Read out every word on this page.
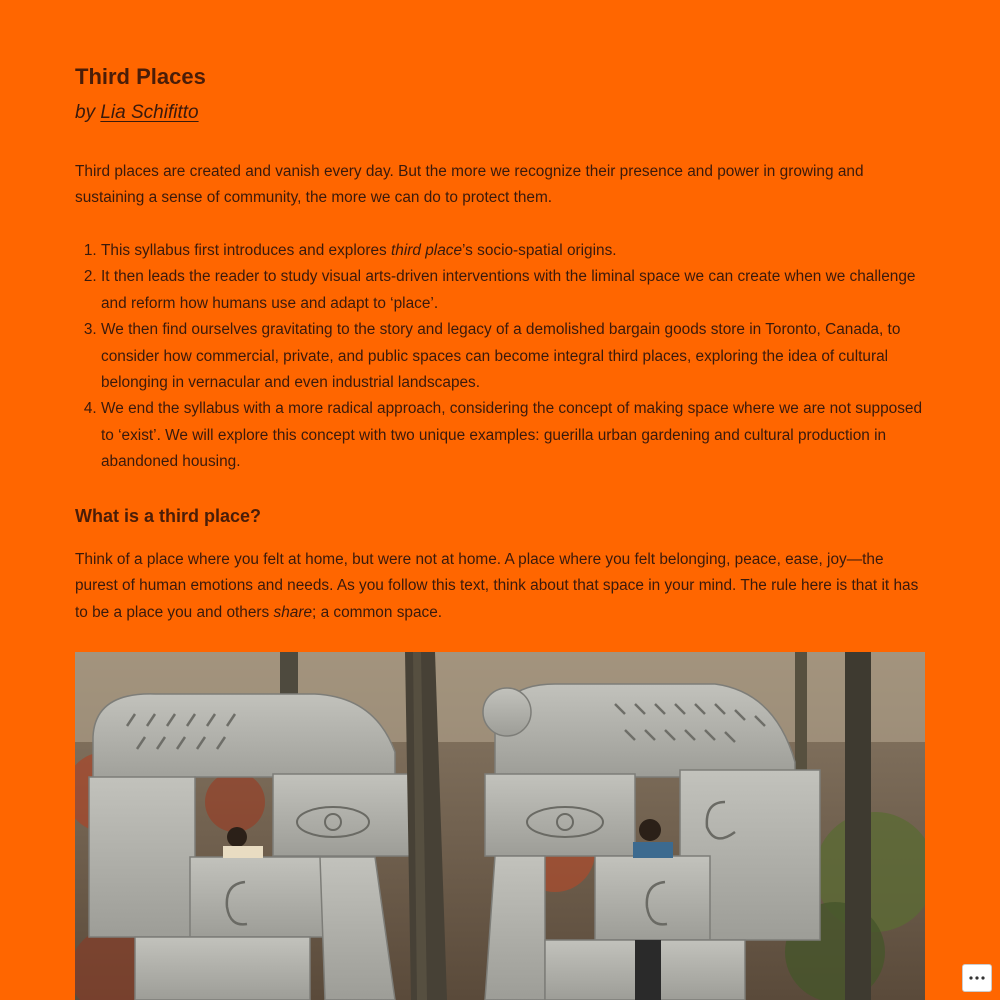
Third Places

by Lia Schifitto

Third places are created and vanish every day. But the more we recognize their presence and power in growing and sustaining a sense of community, the more we can do to protect them.

1. This syllabus first introduces and explores third place’s socio-spatial origins.
2. It then leads the reader to study visual arts-driven interventions with the liminal space we can create when we challenge and reform how humans use and adapt to ‘place’.
3. We then find ourselves gravitating to the story and legacy of a demolished bargain goods store in Toronto, Canada, to consider how commercial, private, and public spaces can become integral third places, exploring the idea of cultural belonging in vernacular and even industrial landscapes.
4. We end the syllabus with a more radical approach, considering the concept of making space where we are not supposed to ‘exist’. We will explore this concept with two unique examples: guerilla urban gardening and cultural production in abandoned housing.
What is a third place?

Think of a place where you felt at home, but were not at home. A place where you felt belonging, peace, ease, joy—the purest of human emotions and needs. As you follow this text, think about that space in your mind. The rule here is that it has to be a place you and others share; a common space.
